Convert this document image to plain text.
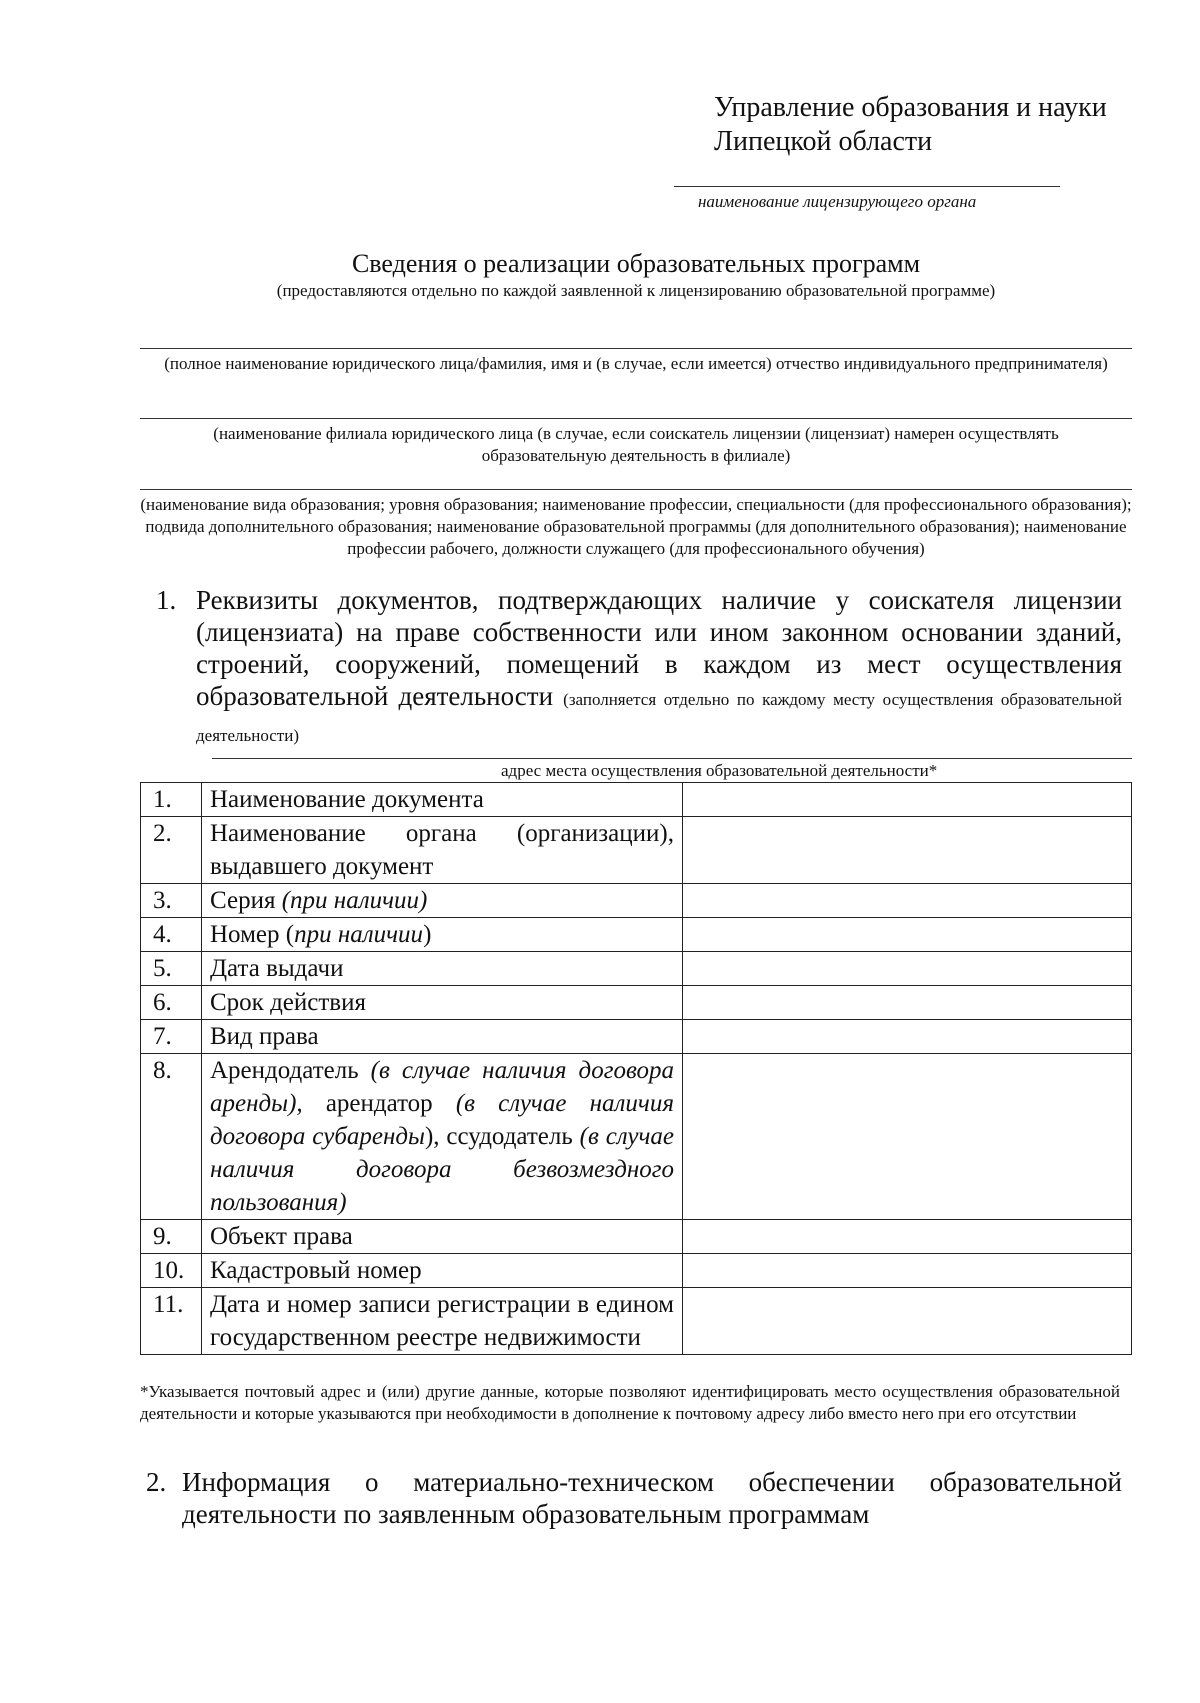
Управление образования и науки
Липецкой области
наименование лицензирующего органа
Сведения о реализации образовательных программ
(предоставляются отдельно по каждой заявленной к лицензированию образовательной программе)
(полное наименование юридического лица/фамилия, имя и (в случае, если имеется) отчество индивидуального предпринимателя)
(наименование филиала юридического лица (в случае, если соискатель лицензии (лицензиат) намерен осуществлять образовательную деятельность в филиале)
(наименование вида образования; уровня образования; наименование профессии, специальности (для профессионального образования); подвида дополнительного образования; наименование образовательной программы (для дополнительного образования); наименование профессии рабочего, должности служащего (для профессионального обучения)
1. Реквизиты документов, подтверждающих наличие у соискателя лицензии (лицензиата) на праве собственности или ином законном основании зданий, строений, сооружений, помещений в каждом из мест осуществления образовательной деятельности (заполняется отдельно по каждому месту осуществления образовательной деятельности)
адрес места осуществления образовательной деятельности*
1.	Наименование документа	
2.	Наименование органа (организации), выдавшего документ	
3.	Серия (при наличии)	
4.	Номер (при наличии)	
5.	Дата выдачи	
6.	Срок действия	
7.	Вид права	
8.	Арендодатель (в случае наличия договора аренды), арендатор (в случае наличия договора субаренды), ссудодатель (в случае наличия договора безвозмездного пользования)	
9.	Объект права	
10.	Кадастровый номер	
11.	Дата и номер записи регистрации в едином государственном реестре недвижимости	
*Указывается почтовый адрес и (или) другие данные, которые позволяют идентифицировать место осуществления образовательной деятельности и которые указываются при необходимости в дополнение к почтовому адресу либо вместо него при его отсутствии
2. Информация о материально-техническом обеспечении образовательной деятельности по заявленным образовательным программам
